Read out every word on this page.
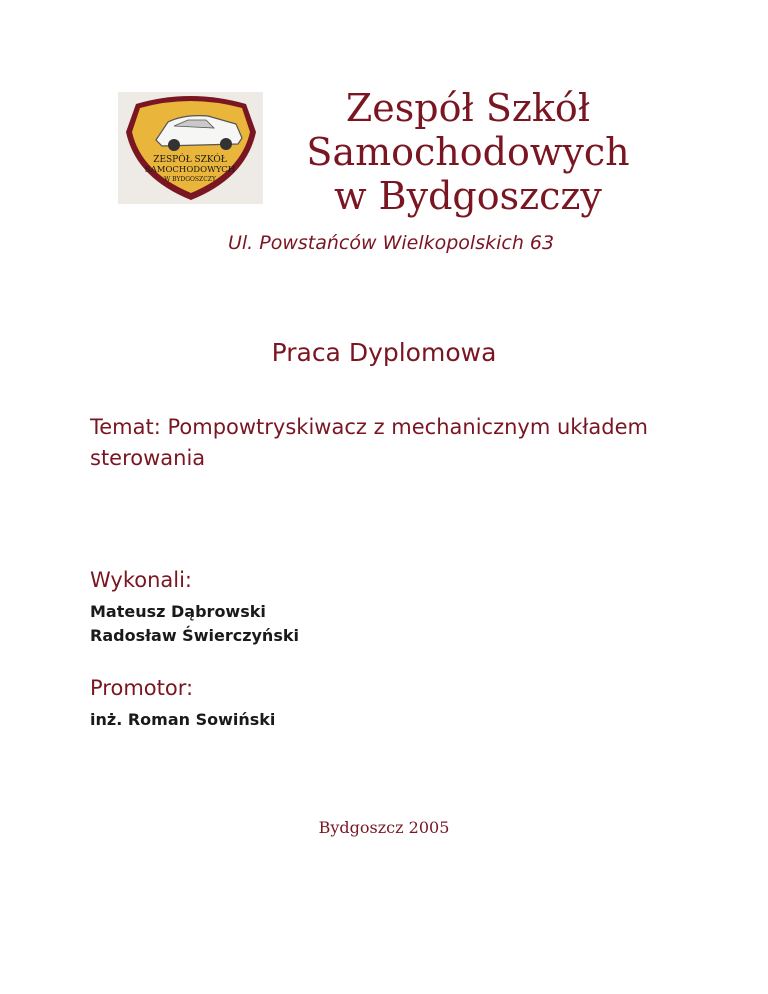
ZESPÓŁ SZKÓŁ
SAMOCHODOWYCH
W BYDGOSZCZY
Zespół Szkół
Samochodowych
w Bydgoszczy
Ul. Powstańców Wielkopolskich 63
Praca Dyplomowa
Temat: Pompowtryskiwacz z mechanicznym układem sterowania
Wykonali:
Mateusz Dąbrowski
Radosław Świerczyński
Promotor:
inż. Roman Sowiński
Bydgoszcz 2005
